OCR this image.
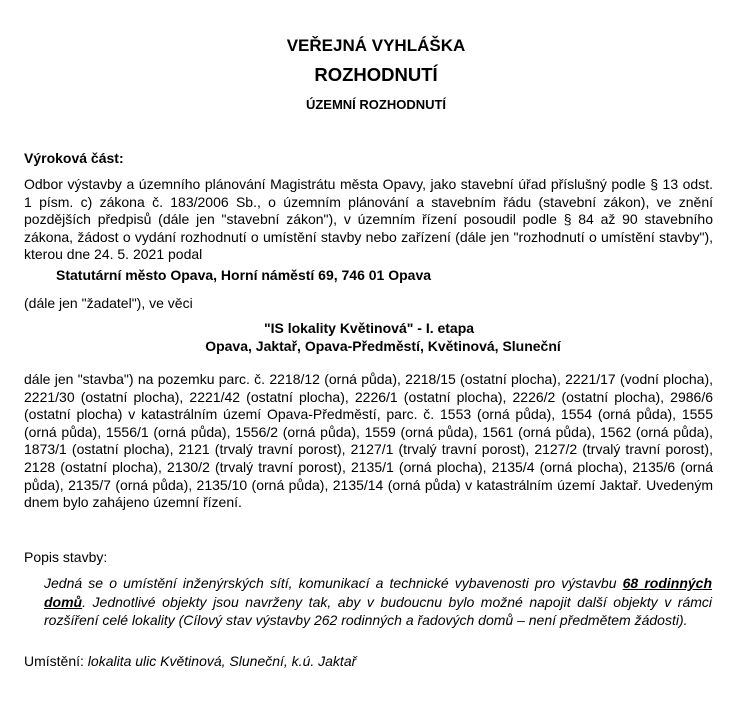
VEŘEJNÁ VYHLÁŠKA
ROZHODNUTÍ
ÚZEMNÍ ROZHODNUTÍ
Výroková část:
Odbor výstavby a územního plánování Magistrátu města Opavy, jako stavební úřad příslušný podle § 13 odst. 1 písm. c) zákona č. 183/2006 Sb., o územním plánování a stavebním řádu (stavební zákon), ve znění pozdějších předpisů (dále jen "stavební zákon"), v územním řízení posoudil podle § 84 až 90 stavebního zákona, žádost o vydání rozhodnutí o umístění stavby nebo zařízení (dále jen "rozhodnutí o umístění stavby"), kterou dne 24. 5. 2021 podal
Statutární město Opava, Horní náměstí 69, 746 01 Opava
(dále jen "žadatel"), ve věci
"IS lokality Květinová" - I. etapa
Opava, Jaktař, Opava-Předměstí, Květinová, Sluneční
dále jen "stavba") na pozemku parc. č. 2218/12 (orná půda), 2218/15 (ostatní plocha), 2221/17 (vodní plocha), 2221/30 (ostatní plocha), 2221/42 (ostatní plocha), 2226/1 (ostatní plocha), 2226/2 (ostatní plocha), 2986/6 (ostatní plocha) v katastrálním území Opava-Předměstí, parc. č. 1553 (orná půda), 1554 (orná půda), 1555 (orná půda), 1556/1 (orná půda), 1556/2 (orná půda), 1559 (orná půda), 1561 (orná půda), 1562 (orná půda), 1873/1 (ostatní plocha), 2121 (trvalý travní porost), 2127/1 (trvalý travní porost), 2127/2 (trvalý travní porost), 2128 (ostatní plocha), 2130/2 (trvalý travní porost), 2135/1 (orná plocha), 2135/4 (orná plocha), 2135/6 (orná půda), 2135/7 (orná půda), 2135/10 (orná půda), 2135/14 (orná půda) v katastrálním území Jaktař. Uvedeným dnem bylo zahájeno územní řízení.
Popis stavby:
Jedná se o umístění inženýrských sítí, komunikací a technické vybavenosti pro výstavbu 68 rodinných domů. Jednotlivé objekty jsou navrženy tak, aby v budoucnu bylo možné napojit další objekty v rámci rozšíření celé lokality (Cílový stav výstavby 262 rodinných a řadových domů – není předmětem žádosti).
Umístění: lokalita ulic Květinová, Sluneční, k.ú. Jaktař
